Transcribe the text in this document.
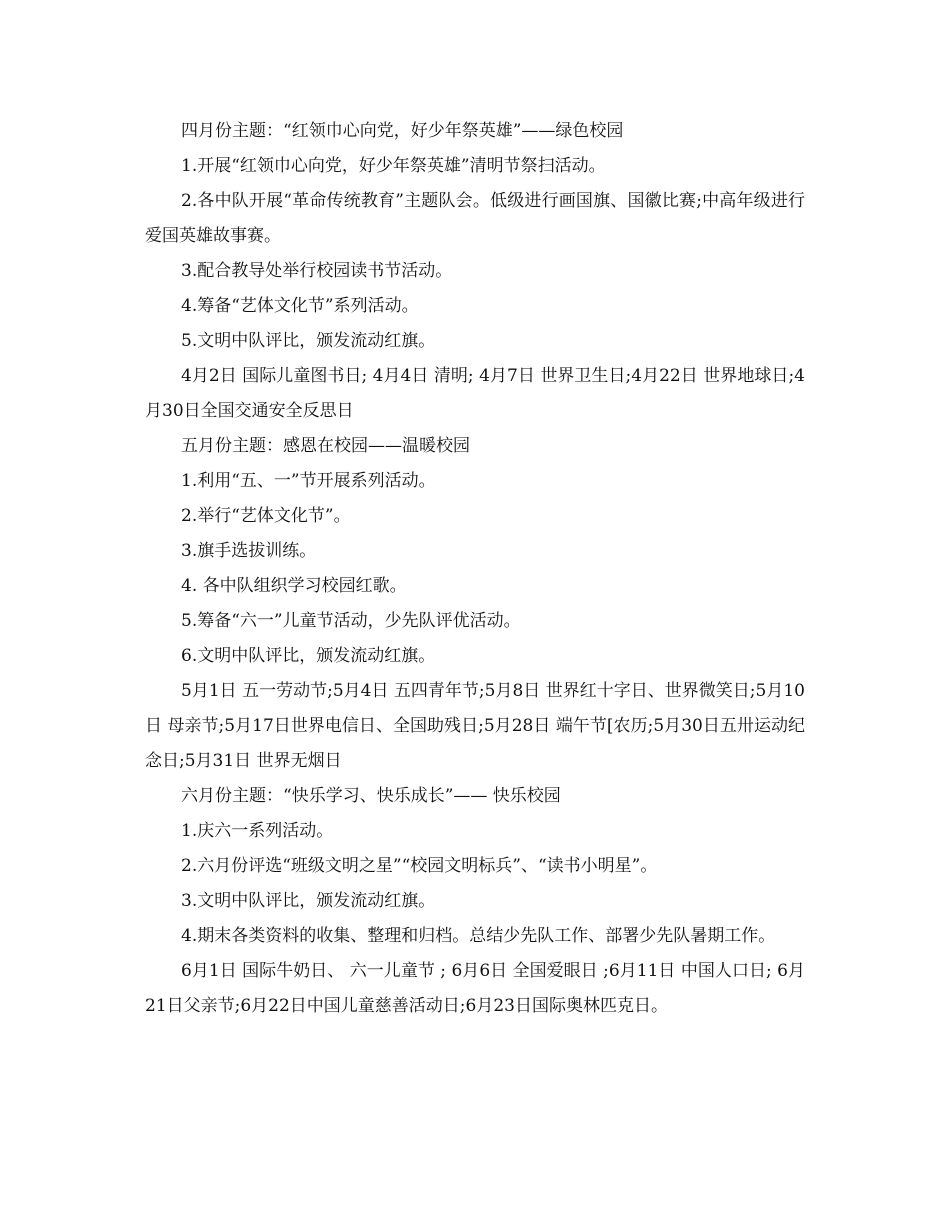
四月份主题：“红领巾心向党，好少年祭英雄”——绿色校园

1.开展“红领巾心向党，好少年祭英雄”清明节祭扫活动。

2.各中队开展“革命传统教育”主题队会。低级进行画国旗、国徽比赛;中高年级进行爱国英雄故事赛。

3.配合教导处举行校园读书节活动。

4.筹备“艺体文化节”系列活动。

5.文明中队评比，颁发流动红旗。

4月2日 国际儿童图书日; 4月4日 清明; 4月7日 世界卫生日;4月22日 世界地球日;4月30日全国交通安全反思日

五月份主题：感恩在校园——温暖校园

1.利用“五、一”节开展系列活动。

2.举行“艺体文化节”。

3.旗手选拔训练。

4. 各中队组织学习校园红歌。

5.筹备“六一”儿童节活动，少先队评优活动。

6.文明中队评比，颁发流动红旗。

5月1日 五一劳动节;5月4日 五四青年节;5月8日 世界红十字日、世界微笑日;5月10日 母亲节;5月17日世界电信日、全国助残日;5月28日 端午节[农历;5月30日五卅运动纪念日;5月31日 世界无烟日

六月份主题：“快乐学习、快乐成长”—— 快乐校园

1.庆六一系列活动。

2.六月份评选“班级文明之星”“校园文明标兵”、“读书小明星”。

3.文明中队评比，颁发流动红旗。

4.期末各类资料的收集、整理和归档。总结少先队工作、部署少先队暑期工作。

6月1日 国际牛奶日、 六一儿童节 ; 6月6日 全国爱眼日 ;6月11日 中国人口日; 6月21日父亲节;6月22日中国儿童慈善活动日;6月23日国际奥林匹克日。
